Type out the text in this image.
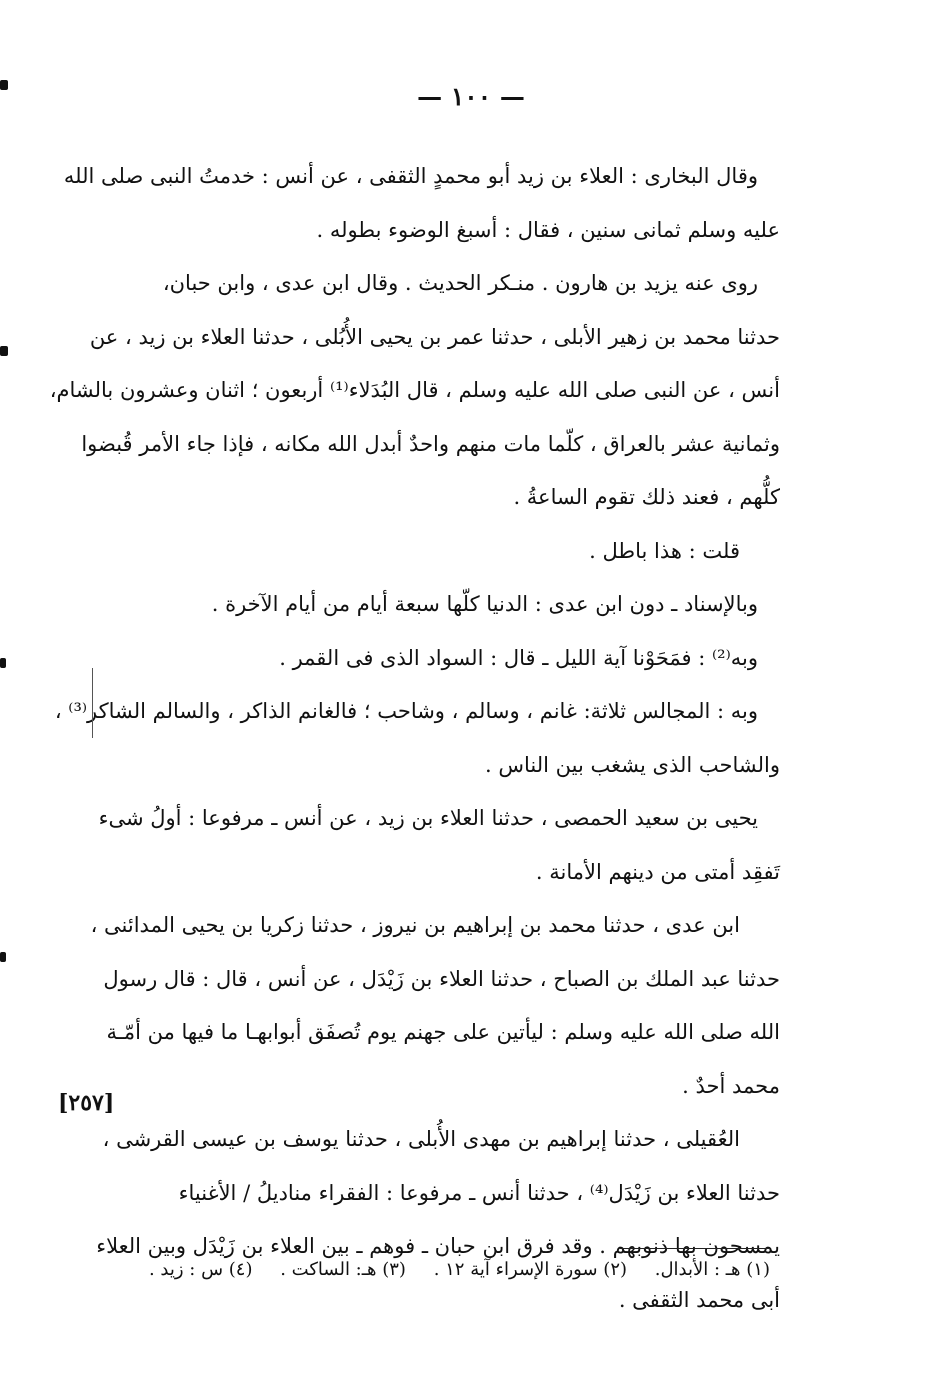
— ١٠٠ —
وقال البخارى : العلاء بن زيد أبو محمدٍ الثقفى ، عن أنس : خدمتُ النبى صلى الله
عليه وسلم ثمانى سنين ، فقال : أسبغ الوضوء بطوله .
روى عنه يزيد بن هارون . منـكر الحديث . وقال ابن عدى ، وابن حبان،
حدثنا محمد بن زهير الأبلى ، حدثنا عمر بن يحيى الأُبُلى ، حدثنا العلاء بن زيد ، عن
أنس ، عن النبى صلى الله عليه وسلم ، قال البُدَلاء⁽¹⁾ أربعون ؛ اثنان وعشرون بالشام،
وثمانية عشر بالعراق ، كلّما مات منهم واحدٌ أبدل الله مكانه ، فإذا جاء الأمر قُبضوا
كلُّهم ، فعند ذلك تقوم الساعةُ .
قلت : هذا باطل .
وبالإسناد ـ دون ابن عدى : الدنيا كلّها سبعة أيام من أيام الآخرة .
وبه⁽²⁾ : فمَحَوْنا آية الليل ـ قال : السواد الذى فى القمر .
وبه : المجالس ثلاثة: غانم ، وسالم ، وشاحب ؛ فالغانم الذاكر ، والسالم الشاكر⁽³⁾ ،
والشاحب الذى يشغب بين الناس .
يحيى بن سعيد الحمصى ، حدثنا العلاء بن زيد ، عن أنس ـ مرفوعا : أولُ شىء
تَفقِد أمتى من دينهم الأمانة .
ابن عدى ، حدثنا محمد بن إبراهيم بن نيروز ، حدثنا زكريا بن يحيى المدائنى ،
حدثنا عبد الملك بن الصباح ، حدثنا العلاء بن زَيْدَل ، عن أنس ، قال : قال رسول
الله صلى الله عليه وسلم : ليأتين على جهنم يوم تُصفَق أبوابهـا ما فيها من أمّـة
محمد أحدٌ .
العُقيلى ، حدثنا إبراهيم بن مهدى الأُبلى ، حدثنا يوسف بن عيسى القرشى ،
حدثنا العلاء بن زَيْدَل⁽⁴⁾ ، حدثنا أنس ـ مرفوعا : الفقراء مناديلُ / الأغنياء
يمسحون بها ذنوبهم . وقد فرق ابن حبان ـ فوهم ـ بين العلاء بن زَيْدَل وبين العلاء
أبى محمد الثقفى .
[٢٥٧]
(١) هـ : الأبدال. (٢) سورة الإسراء آية ١٢ . (٣) هـ: الساكت . (٤) س : زيد .
